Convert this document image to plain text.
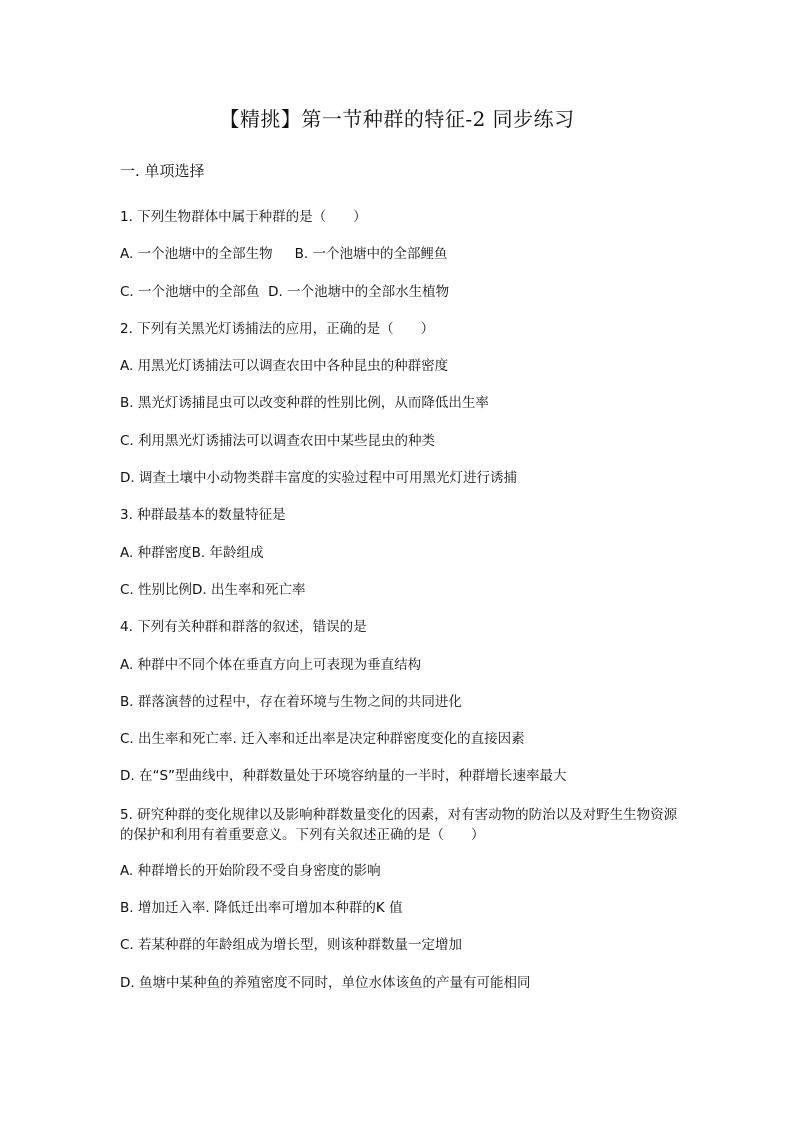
【精挑】第一节种群的特征-2 同步练习
一. 单项选择
1. 下列生物群体中属于种群的是（　　）
A. 一个池塘中的全部生物 B. 一个池塘中的全部鲤鱼
C. 一个池塘中的全部鱼 D. 一个池塘中的全部水生植物
2. 下列有关黑光灯诱捕法的应用，正确的是（　　）
A. 用黑光灯诱捕法可以调查农田中各种昆虫的种群密度
B. 黑光灯诱捕昆虫可以改变种群的性别比例，从而降低出生率
C. 利用黑光灯诱捕法可以调查农田中某些昆虫的种类
D. 调查土壤中小动物类群丰富度的实验过程中可用黑光灯进行诱捕
3. 种群最基本的数量特征是
A. 种群密度B. 年龄组成
C. 性别比例D. 出生率和死亡率
4. 下列有关种群和群落的叙述，错误的是
A. 种群中不同个体在垂直方向上可表现为垂直结构
B. 群落演替的过程中，存在着环境与生物之间的共同进化
C. 出生率和死亡率. 迁入率和迁出率是决定种群密度变化的直接因素
D. 在“S”型曲线中，种群数量处于环境容纳量的一半时，种群增长速率最大
5. 研究种群的变化规律以及影响种群数量变化的因素，对有害动物的防治以及对野生生物资源的保护和利用有着重要意义。下列有关叙述正确的是（　　）
A. 种群增长的开始阶段不受自身密度的影响
B. 增加迁入率. 降低迁出率可增加本种群的K 值
C. 若某种群的年龄组成为增长型，则该种群数量一定增加
D. 鱼塘中某种鱼的养殖密度不同时，单位水体该鱼的产量有可能相同
